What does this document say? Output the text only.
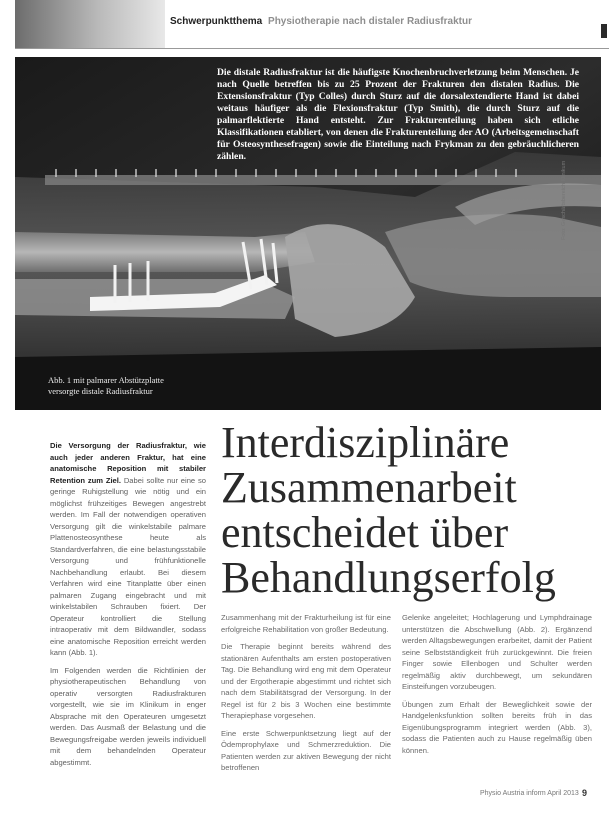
Schwerpunktthema Physiotherapie nach distaler Radiusfraktur
Die distale Radiusfraktur ist die häufigste Knochenbruchverletzung beim Menschen. Je nach Quelle betreffen bis zu 25 Prozent der Frakturen den distalen Radius. Die Extensionsfraktur (Typ Colles) durch Sturz auf die dorsalextendierte Hand ist dabei weitaus häufiger als die Flexionsfraktur (Typ Smith), die durch Sturz auf die palmarflektierte Hand entsteht. Zur Frakturenteilung haben sich etliche Klassifikationen etabliert, von denen die Frakturenteilung der AO (Arbeitsgemeinschaft für Osteosynthesefragen) sowie die Einteilung nach Frykman zu den gebräuchlicheren zählen.
Abb. 1 mit palmarer Abstützplatte versorgte distale Radiusfraktur
Foto: Geschäftsbereich Klinikum

Die Versorgung der Radiusfraktur, wie auch jeder anderen Fraktur, hat eine anatomische Reposition mit stabiler Retention zum Ziel. Dabei sollte nur eine so geringe Ruhigstellung wie nötig und ein möglichst frühzeitiges Bewegen angestrebt werden. Im Fall der notwendigen operativen Versorgung gilt die winkelstabile palmare Plattenosteosynthese heute als Standardverfahren, die eine belastungsstabile Versorgung und frühfunktionelle Nachbehandlung erlaubt. Bei diesem Verfahren wird eine Titanplatte über einen palmaren Zugang eingebracht und mit winkelstabilen Schrauben fixiert. Der Operateur kontrolliert die Stellung intraoperativ mit dem Bildwandler, sodass eine anatomische Reposition erreicht werden kann (Abb. 1).

Im Folgenden werden die Richtlinien der physiotherapeutischen Behandlung von operativ versorgten Radiusfrakturen vorgestellt, wie sie im Klinikum in enger Absprache mit den Operateuren umgesetzt werden. Das Ausmaß der Belastung und die Bewegungsfreigabe werden jeweils individuell mit dem behandelnden Operateur abgestimmt.

Interdisziplinäre
Zusammenarbeit
entscheidet über
Behandlungserfolg

Zusammenhang mit der Frakturheilung ist für eine erfolgreiche Rehabilitation von großer Bedeutung.

Die Therapie beginnt bereits während des stationären Aufenthalts am ersten postoperativen Tag. Die Behandlung wird eng mit dem Operateur und der Ergotherapie abgestimmt und richtet sich nach dem Stabilitätsgrad der Versorgung. In der Regel ist für 2 bis 3 Wochen eine bestimmte Therapiephase vorgesehen.

Eine erste Schwerpunktsetzung liegt auf der Ödemprophylaxe und Schmerzreduktion. Die Patienten werden zur aktiven Bewegung der nicht betroffenen

Gelenke angeleitet; Hochlagerung und Lymphdrainage unterstützen die Abschwellung (Abb. 2). Ergänzend werden Alltagsbewegungen erarbeitet, damit der Patient seine Selbstständigkeit früh zurückgewinnt. Die freien Finger sowie Ellenbogen und Schulter werden regelmäßig aktiv durchbewegt, um sekundären Einsteifungen vorzubeugen.

Übungen zum Erhalt der Beweglichkeit sowie der Handgelenksfunktion sollten bereits früh in das Eigenübungsprogramm integriert werden (Abb. 3), sodass die Patienten auch zu Hause regelmäßig üben können.

Physio Austria inform April 2013 9
